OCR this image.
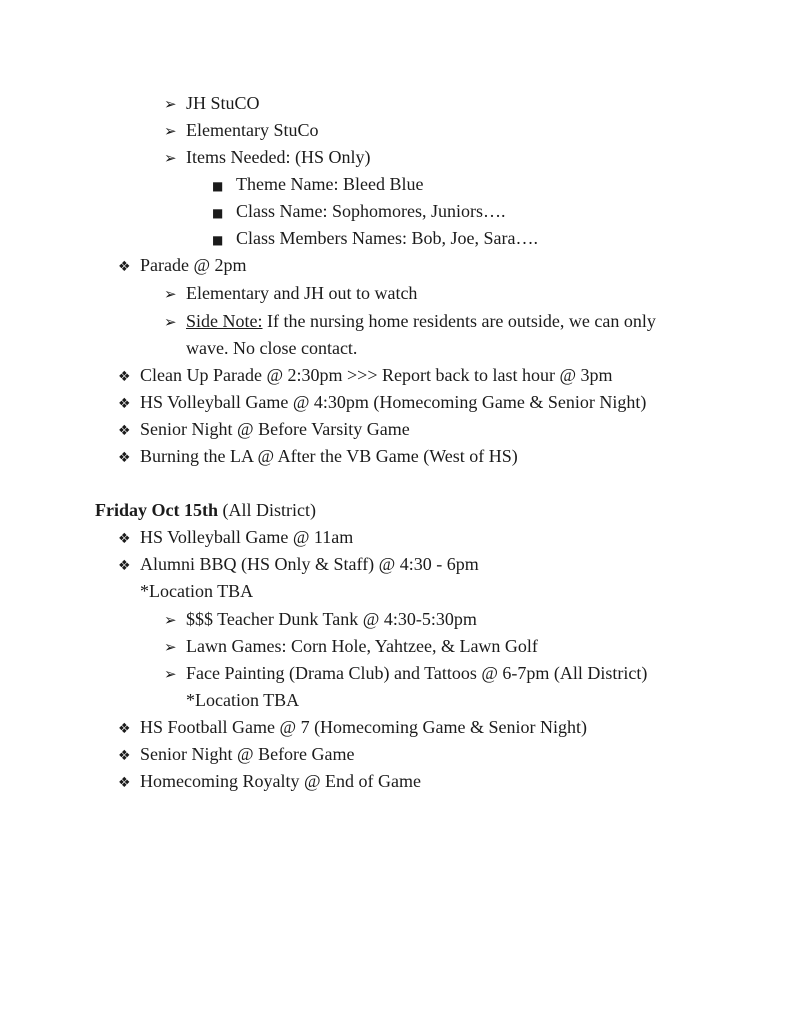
➢ JH StuCO
➢ Elementary StuCo
➢ Items Needed: (HS Only)
■ Theme Name: Bleed Blue
■ Class Name: Sophomores, Juniors….
■ Class Members Names: Bob, Joe, Sara….
❖ Parade @ 2pm
➢ Elementary and JH out to watch
➢ Side Note: If the nursing home residents are outside, we can only
wave. No close contact.
❖ Clean Up Parade @ 2:30pm >>> Report back to last hour @ 3pm
❖ HS Volleyball Game @ 4:30pm (Homecoming Game & Senior Night)
❖ Senior Night @ Before Varsity Game
❖ Burning the LA @ After the VB Game (West of HS)
Friday Oct 15th (All District)
❖ HS Volleyball Game @ 11am
❖ Alumni BBQ (HS Only & Staff) @ 4:30 - 6pm
*Location TBA
➢ $$$ Teacher Dunk Tank @ 4:30-5:30pm
➢ Lawn Games: Corn Hole, Yahtzee, & Lawn Golf
➢ Face Painting (Drama Club) and Tattoos @ 6-7pm (All District)
*Location TBA
❖ HS Football Game @ 7 (Homecoming Game & Senior Night)
❖ Senior Night @ Before Game
❖ Homecoming Royalty @ End of Game
